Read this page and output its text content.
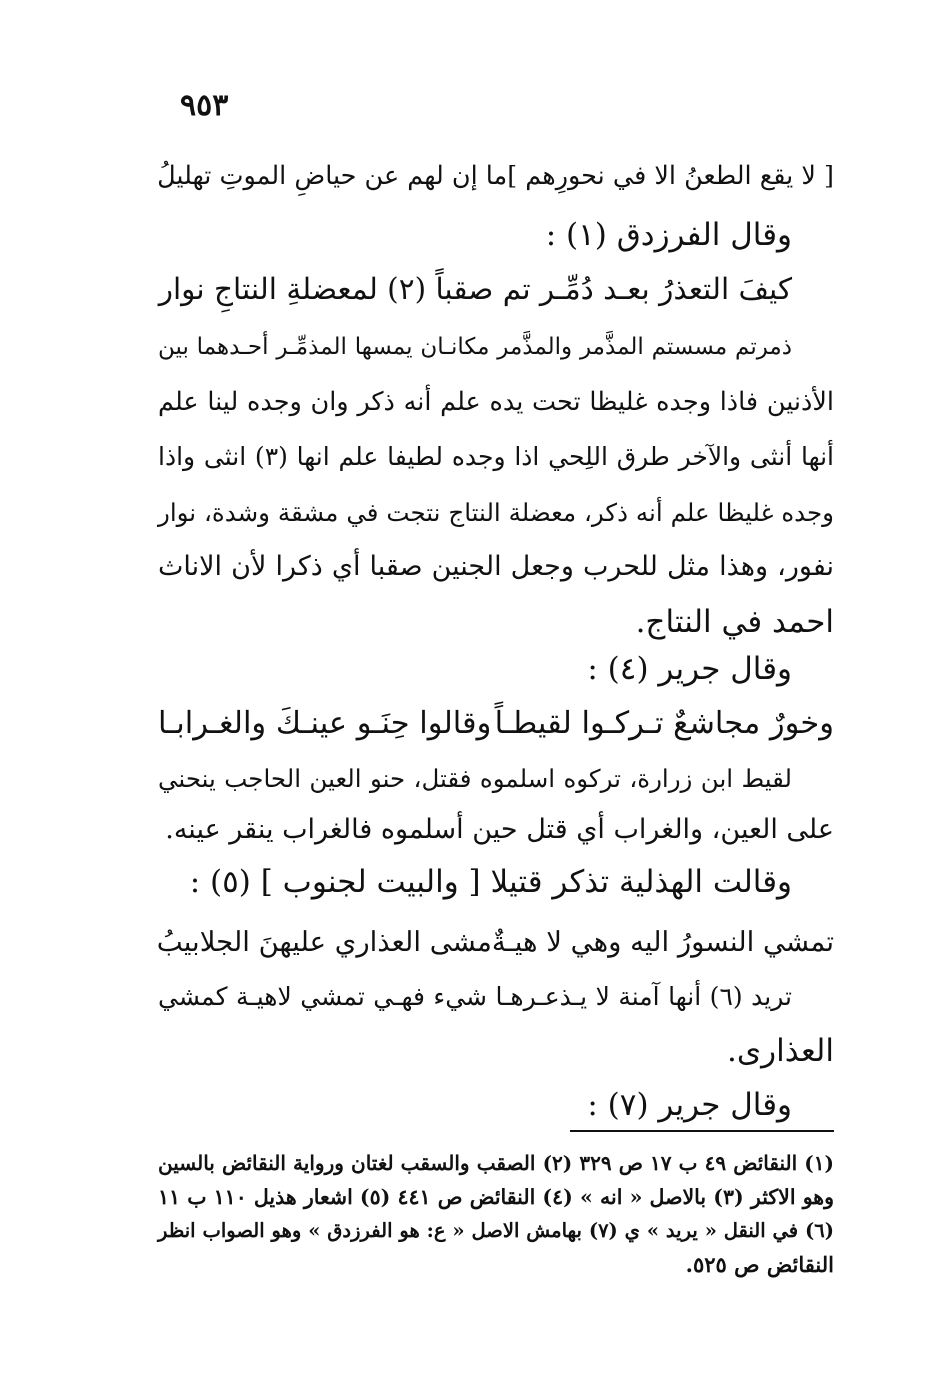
٩٥٣
[ لا يقع الطعنُ الا في نحورِهم ]
ما إن لهم عن حياضِ الموتِ تهليلُ
وقال الفرزدق (١) :
كيفَ التعذرُ بعـد دُمِّـر تم صقباً (٢) لمعضلةِ النتاجِ نوار
ذمرتم مسستم المذَّمر والمذَّمر مكانـان يمسها المذمِّـر أحـدهما بين
الأذنين فاذا وجده غليظا تحت يده علم أنه ذكر وان وجده لينا علم
أنها أنثى والآخر طرق اللِحي اذا وجده لطيفا علم انها (٣) انثى واذا
وجده غليظا علم أنه ذكر، معضلة النتاج نتجت في مشقة وشدة، نوار
نفور، وهذا مثل للحرب وجعل الجنين صقبا أي ذكرا لأن الاناث
احمد في النتاج.
وقال جرير (٤) :
وخورٌ مجاشعٌ تـركـوا لقيطـاً
وقالوا حِنَـو عينـكَ والغـرابـا
لقيط ابن زرارة، تركوه اسلموه فقتل، حنو العين الحاجب ينحني
على العين، والغراب أي قتل حين أسلموه فالغراب ينقر عينه.
وقالت الهذلية تذكر قتيلا [ والبيت لجنوب ] (٥) :
تمشي النسورُ اليه وهي لا هيـةٌ
مشى العذاري عليهنَ الجلابيبُ
تريد (٦) أنها آمنة لا يـذعـرهـا شيء فهـي تمشي لاهيـة كمشي
العذارى.
وقال جرير (٧) :
(١) النقائض ٤٩ ب ١٧ ص ٣٢٩ (٢) الصقب والسقب لغتان ورواية النقائض بالسين
وهو الاكثر (٣) بالاصل « انه » (٤) النقائض ص ٤٤١ (٥) اشعار هذيل ١١٠ ب ١١
(٦) في النقل « يريد » ي (٧) بهامش الاصل « ع: هو الفرزدق » وهو الصواب انظر
النقائض ص ٥٢٥.
